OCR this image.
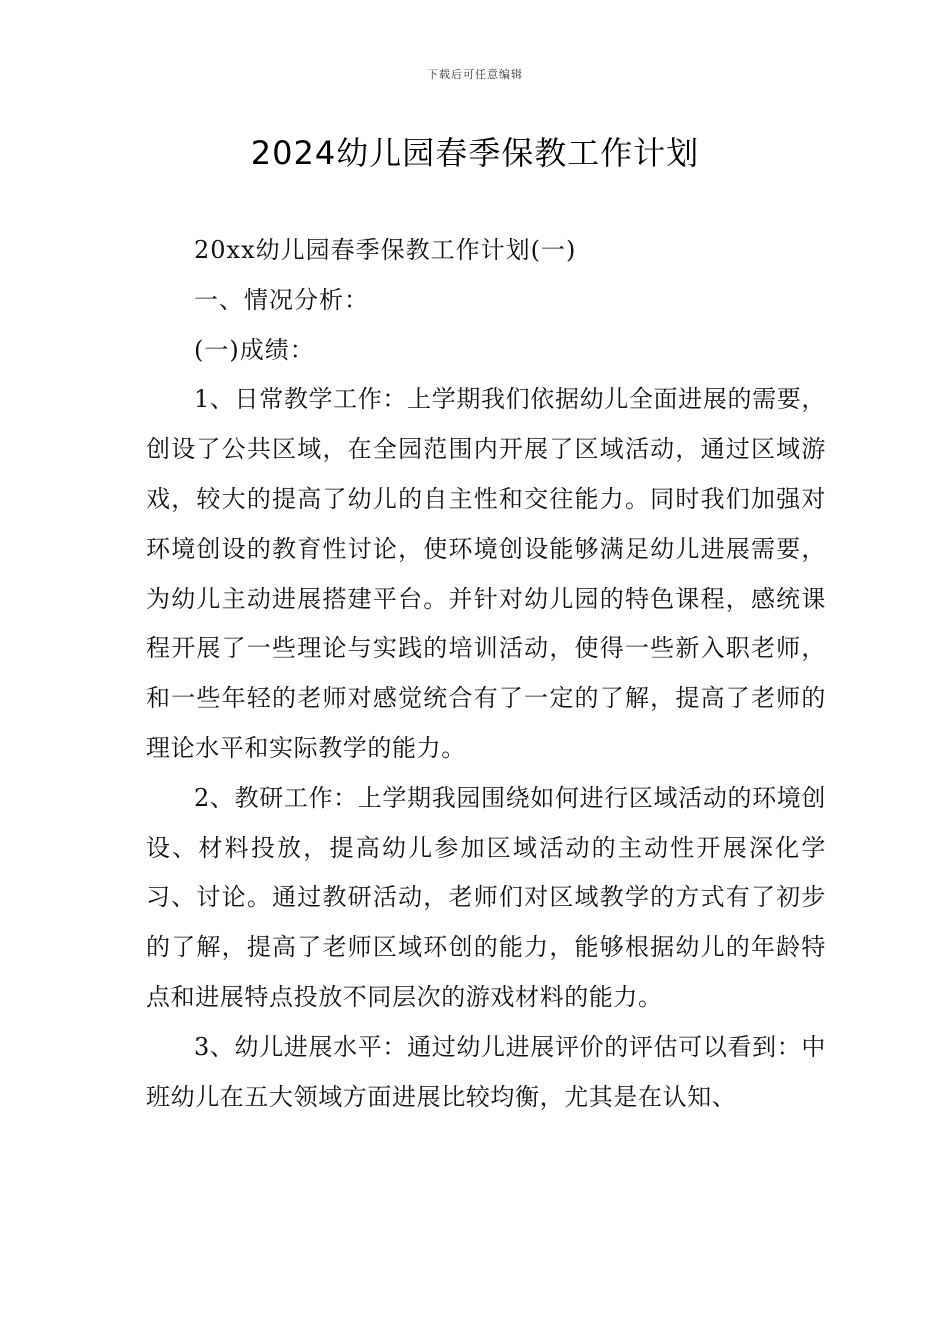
下载后可任意编辑
2024幼儿园春季保教工作计划

20xx幼儿园春季保教工作计划(一)

一、情况分析：

(一)成绩：

1、日常教学工作：上学期我们依据幼儿全面进展的需要，创设了公共区域，在全园范围内开展了区域活动，通过区域游戏，较大的提高了幼儿的自主性和交往能力。同时我们加强对环境创设的教育性讨论，使环境创设能够满足幼儿进展需要，为幼儿主动进展搭建平台。并针对幼儿园的特色课程，感统课程开展了一些理论与实践的培训活动，使得一些新入职老师，和一些年轻的老师对感觉统合有了一定的了解，提高了老师的理论水平和实际教学的能力。

2、教研工作：上学期我园围绕如何进行区域活动的环境创设、材料投放，提高幼儿参加区域活动的主动性开展深化学习、讨论。通过教研活动，老师们对区域教学的方式有了初步的了解，提高了老师区域环创的能力，能够根据幼儿的年龄特点和进展特点投放不同层次的游戏材料的能力。

3、幼儿进展水平：通过幼儿进展评价的评估可以看到：中班幼儿在五大领域方面进展比较均衡，尤其是在认知、
